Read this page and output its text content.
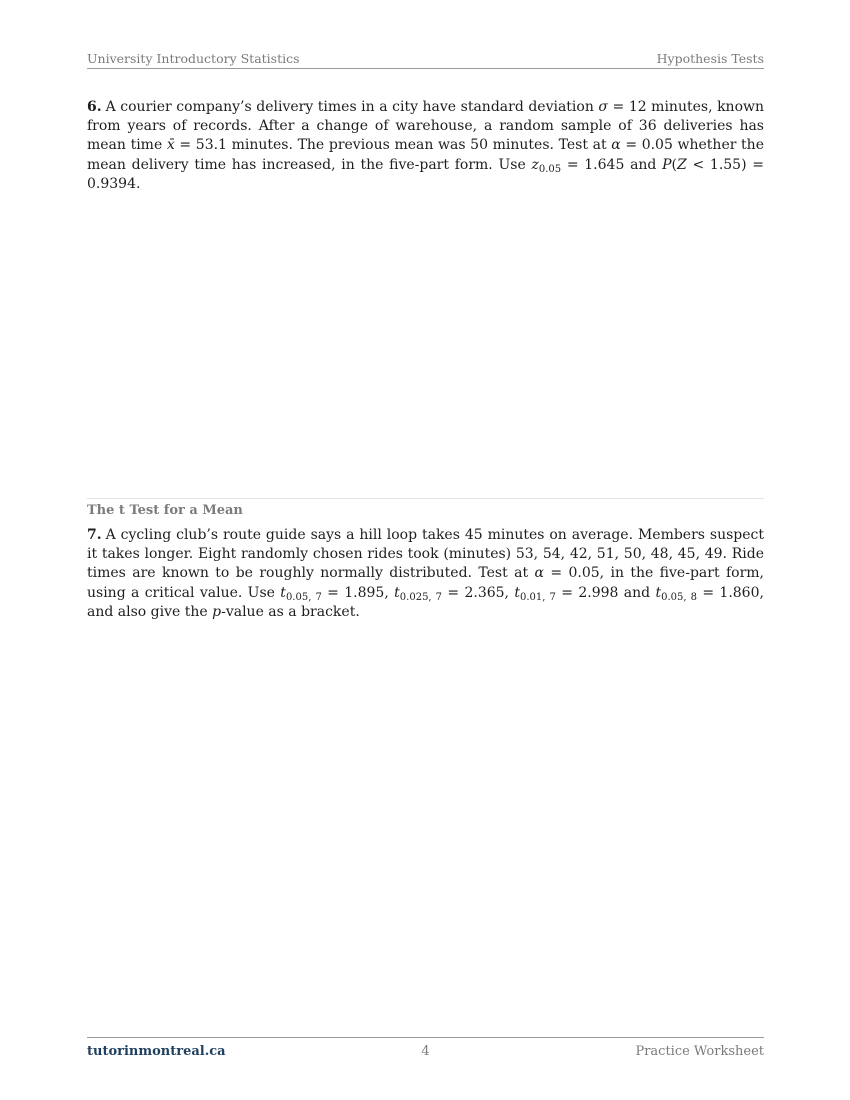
University Introductory Statistics	Hypothesis Tests
6. A courier company’s delivery times in a city have standard deviation σ = 12 minutes, known from years of records. After a change of warehouse, a random sample of 36 deliveries has mean time x̄ = 53.1 minutes. The previous mean was 50 minutes. Test at α = 0.05 whether the mean delivery time has increased, in the five-part form. Use $z_{0.05} = 1.645$ and P(Z < 1.55) = 0.9394.
The t Test for a Mean
7. A cycling club’s route guide says a hill loop takes 45 minutes on average. Members suspect it takes longer. Eight randomly chosen rides took (minutes) 53, 54, 42, 51, 50, 48, 45, 49. Ride times are known to be roughly normally distributed. Test at α = 0.05, in the five-part form, using a critical value. Use $t_{0.05, 7} = 1.895$, $t_{0.025, 7} = 2.365$, $t_{0.01, 7} = 2.998$ and $t_{0.05, 8} = 1.860$, and also give the p-value as a bracket.
tutorinmontreal.ca	4	Practice Worksheet
